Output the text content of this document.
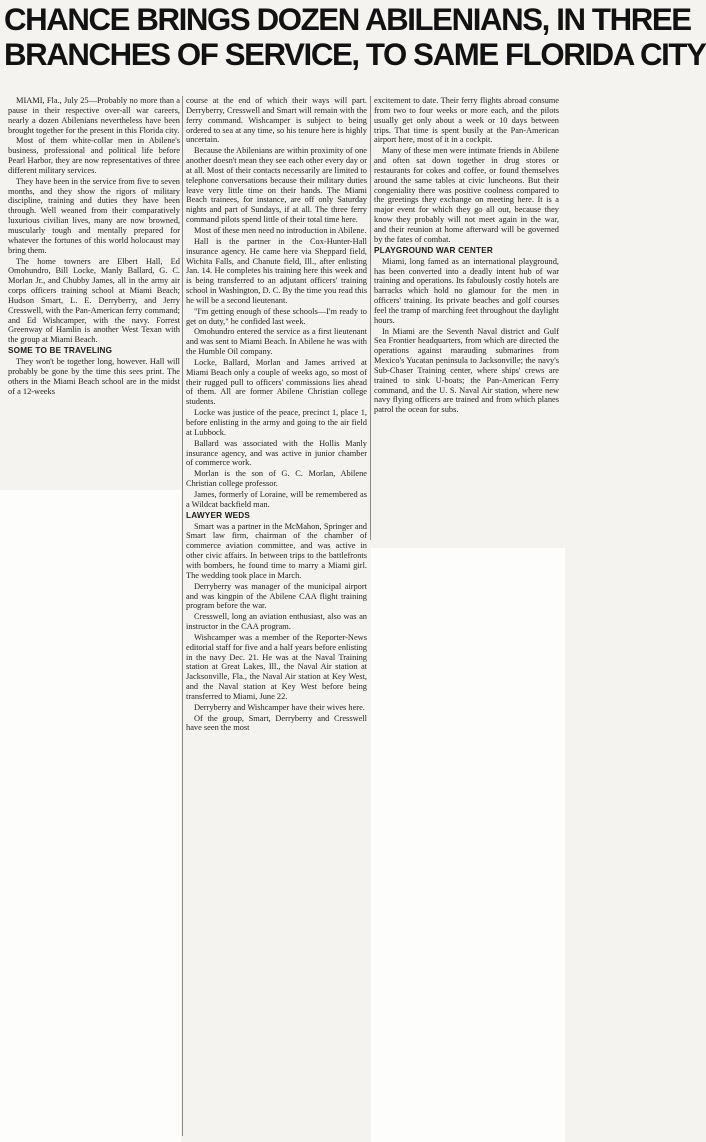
CHANCE BRINGS DOZEN ABILENIANS, IN THREE
BRANCHES OF SERVICE, TO SAME FLORIDA CITY

MIAMI, Fla., July 25—Probably no more than a pause in their respective over-all war careers, nearly a dozen Abilenians nevertheless have been brought together for the present in this Florida city.

Most of them white-collar men in Abilene's business, professional and political life before Pearl Harbor, they are now representatives of three different military services.

They have been in the service from five to seven months, and they show the rigors of military discipline, training and duties they have been through. Well weaned from their comparatively luxurious civilian lives, many are now browned, muscularly tough and mentally prepared for whatever the fortunes of this world holocaust may bring them.

The home towners are Elbert Hall, Ed Omohundro, Bill Locke, Manly Ballard, G. C. Morlan Jr., and Chubby James, all in the army air corps officers training school at Miami Beach; Hudson Smart, L. E. Derryberry, and Jerry Cresswell, with the Pan-American ferry command; and Ed Wishcamper, with the navy. Forrest Greenway of Hamlin is another West Texan with the group at Miami Beach.

SOME TO BE TRAVELING

They won't be together long, however. Hall will probably be gone by the time this sees print. The others in the Miami Beach school are in the midst of a 12-weeks

course at the end of which their ways will part. Derryberry, Cresswell and Smart will remain with the ferry command. Wishcamper is subject to being ordered to sea at any time, so his tenure here is highly uncertain.

Because the Abilenians are within proximity of one another doesn't mean they see each other every day or at all. Most of their contacts necessarily are limited to telephone conversations because their military duties leave very little time on their hands. The Miami Beach trainees, for instance, are off only Saturday nights and part of Sundays, if at all. The three ferry command pilots spend little of their total time here.

Most of these men need no introduction in Abilene.

Hall is the partner in the Cox-Hunter-Hall insurance agency. He came here via Sheppard field, Wichita Falls, and Chanute field, Ill., after enlisting Jan. 14. He completes his training here this week and is being transferred to an adjutant officers' training school in Washington, D. C. By the time you read this he will be a second lieutenant.

"I'm getting enough of these schools—I'm ready to get on duty," he confided last week.

Omohundro entered the service as a first lieutenant and was sent to Miami Beach. In Abilene he was with the Humble Oil company.

Locke, Ballard, Morlan and James arrived at Miami Beach only a couple of weeks ago, so most of their rugged pull to officers' commissions lies ahead of them. All are former Abilene Christian college students.

Locke was justice of the peace, precinct 1, place 1, before enlisting in the army and going to the air field at Lubbock.

Ballard was associated with the Hollis Manly insurance agency, and was active in junior chamber of commerce work.

Morlan is the son of G. C. Morlan, Abilene Christian college professor.

James, formerly of Loraine, will be remembered as a Wildcat backfield man.

LAWYER WEDS

Smart was a partner in the McMahon, Springer and Smart law firm, chairman of the chamber of commerce aviation committee, and was active in other civic affairs. In between trips to the battlefronts with bombers, he found time to marry a Miami girl. The wedding took place in March.

Derryberry was manager of the municipal airport and was kingpin of the Abilene CAA flight training program before the war.

Cresswell, long an aviation enthusiast, also was an instructor in the CAA program.

Wishcamper was a member of the Reporter-News editorial staff for five and a half years before enlisting in the navy Dec. 21. He was at the Naval Training station at Great Lakes, Ill., the Naval Air station at Jacksonville, Fla., the Naval Air station at Key West, and the Naval station at Key West before being transferred to Miami, June 22.

Derryberry and Wishcamper have their wives here.

Of the group, Smart, Derryberry and Cresswell have seen the most

excitement to date. Their ferry flights abroad consume from two to four weeks or more each, and the pilots usually get only about a week or 10 days between trips. That time is spent busily at the Pan-American airport here, most of it in a cockpit.

Many of these men were intimate friends in Abilene and often sat down together in drug stores or restaurants for cokes and coffee, or found themselves around the same tables at civic luncheons. But their congeniality there was positive coolness compared to the greetings they exchange on meeting here. It is a major event for which they go all out, because they know they probably will not meet again in the war, and their reunion at home afterward will be governed by the fates of combat.

PLAYGROUND WAR CENTER

Miami, long famed as an international playground, has been converted into a deadly intent hub of war training and operations. Its fabulously costly hotels are barracks which hold no glamour for the men in officers' training. Its private beaches and golf courses feel the tramp of marching feet throughout the daylight hours.

In Miami are the Seventh Naval district and Gulf Sea Frontier headquarters, from which are directed the operations against marauding submarines from Mexico's Yucatan peninsula to Jacksonville; the navy's Sub-Chaser Training center, where ships' crews are trained to sink U-boats; the Pan-American Ferry command, and the U. S. Naval Air station, where new navy flying officers are trained and from which planes patrol the ocean for subs.
